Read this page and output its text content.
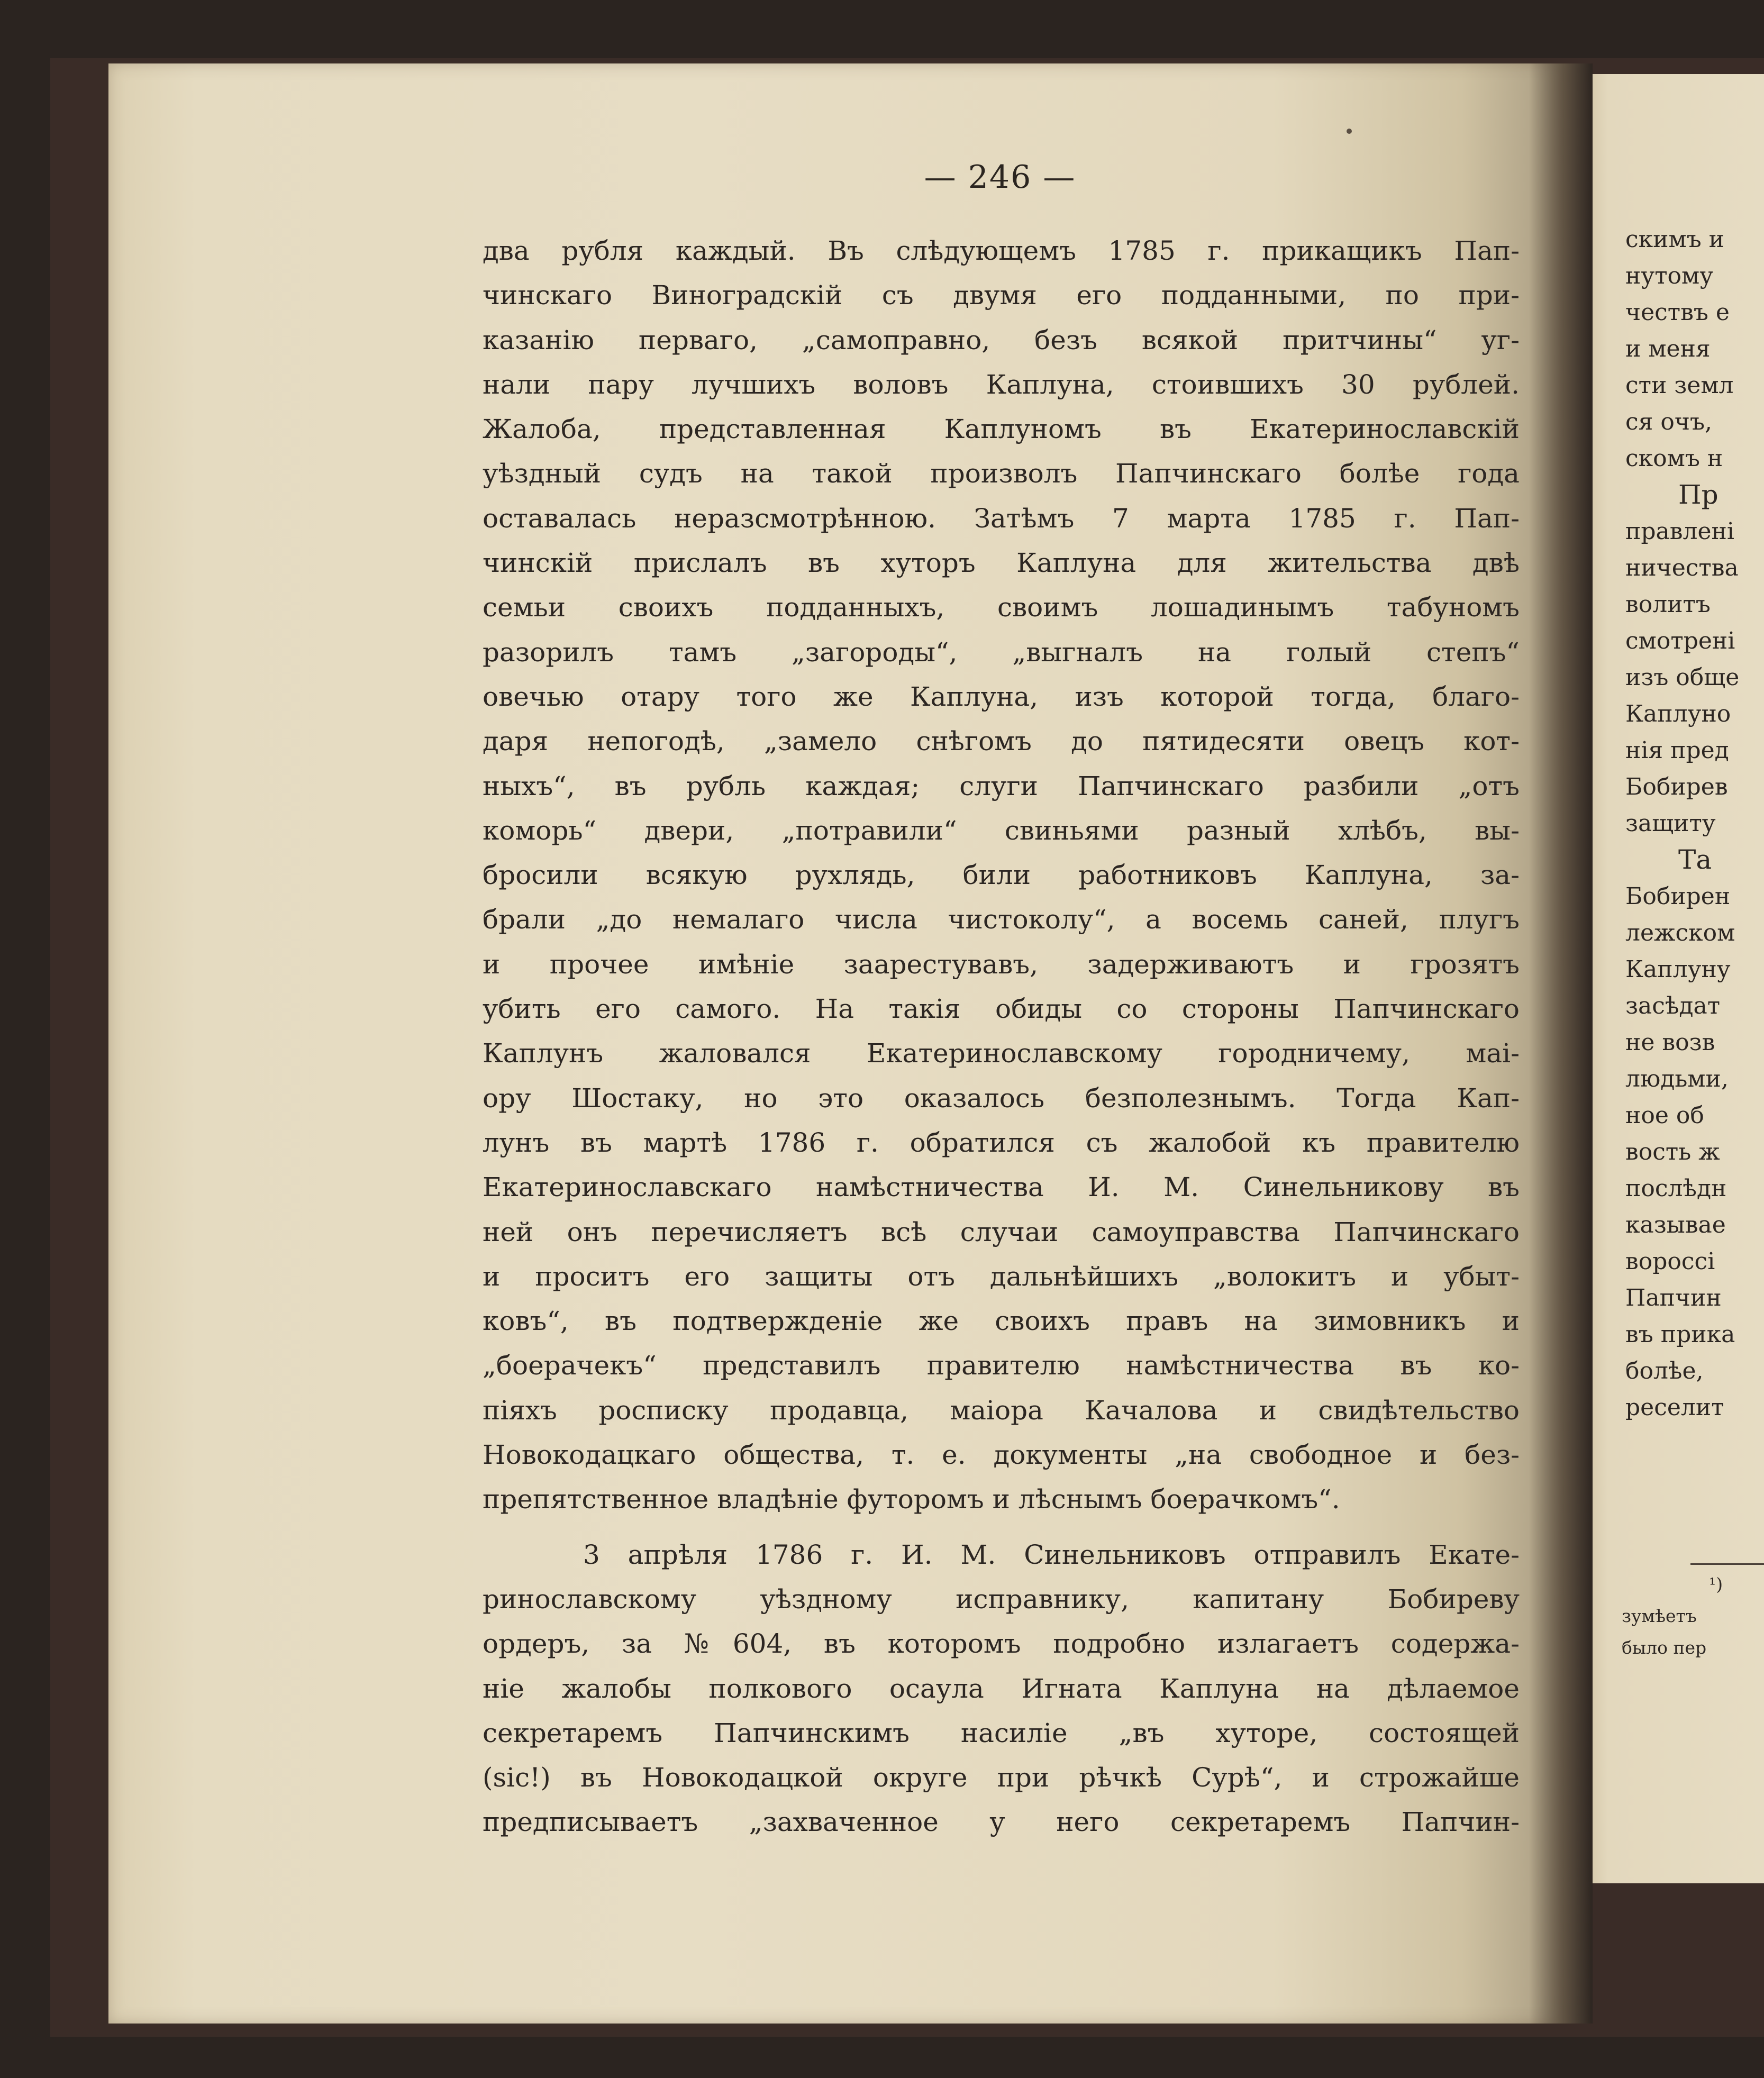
— 246 —
два рубля каждый. Въ слѣдующемъ 1785 г. прикащикъ Пап-
чинскаго Виноградскій съ двумя его подданными, по при-
казанію перваго, „самоправно, безъ всякой притчины“ уг-
нали пару лучшихъ воловъ Каплуна, стоившихъ 30 рублей.
Жалоба, представленная Каплуномъ въ Екатеринославскій
уѣздный судъ на такой произволъ Папчинскаго болѣе года
оставалась неразсмотрѣнною. Затѣмъ 7 марта 1785 г. Пап-
чинскій прислалъ въ хуторъ Каплуна для жительства двѣ
семьи своихъ подданныхъ, своимъ лошадинымъ табуномъ
разорилъ тамъ „загороды“, „выгналъ на голый степъ“
овечью отару того же Каплуна, изъ которой тогда, благо-
даря непогодѣ, „замело снѣгомъ до пятидесяти овецъ кот-
ныхъ“, въ рубль каждая; слуги Папчинскаго разбили „отъ
коморь“ двери, „потравили“ свиньями разный хлѣбъ, вы-
бросили всякую рухлядь, били работниковъ Каплуна, за-
брали „до немалаго числа чистоколу“, а восемь саней, плугъ
и прочее имѣніе заарестувавъ, задерживаютъ и грозятъ
убить его самого. На такія обиды со стороны Папчинскаго
Каплунъ жаловался Екатеринославскому городничему, маі-
ору Шостаку, но это оказалось безполезнымъ. Тогда Кап-
лунъ въ мартѣ 1786 г. обратился съ жалобой къ правителю
Екатеринославскаго намѣстничества И. М. Синельникову въ
ней онъ перечисляетъ всѣ случаи самоуправства Папчинскаго
и проситъ его защиты отъ дальнѣйшихъ „волокитъ и убыт-
ковъ“, въ подтвержденіе же своихъ правъ на зимовникъ и
„боерачекъ“ представилъ правителю намѣстничества въ ко-
піяхъ росписку продавца, маіора Качалова и свидѣтельство
Новокодацкаго общества, т. е. документы „на свободное и без-
препятственное владѣніе футоромъ и лѣснымъ боерачкомъ“.
3 апрѣля 1786 г. И. М. Синельниковъ отправилъ Екате-
ринославскому уѣздному исправнику, капитану Бобиреву
ордеръ, за №604, въ которомъ подробно излагаетъ содержа-
ніе жалобы полкового осаула Игната Каплуна на дѣлаемое
секретаремъ Папчинскимъ насиліе „въ хуторе, состоящей
(sic!) въ Новокодацкой округе при рѣчкѣ Сурѣ“, и строжайше
предписываетъ „захваченное у него секретаремъ Папчин-
скимъ и
нутому
чествъ е
и меня
сти земл
ся очъ,
скомъ н
Пр
правлені
ничества
волитъ
смотрені
изъ обще
Каплуно
нія пред
Бобирев
защиту
Та
Бобирен
лежском
Каплуну
засѣдат
не возв
людьми,
ное об
вость ж
послѣдн
казывае
вороссі
Папчин
въ прика
болѣе,
реселит
¹)
зумѣетъ
было пер
